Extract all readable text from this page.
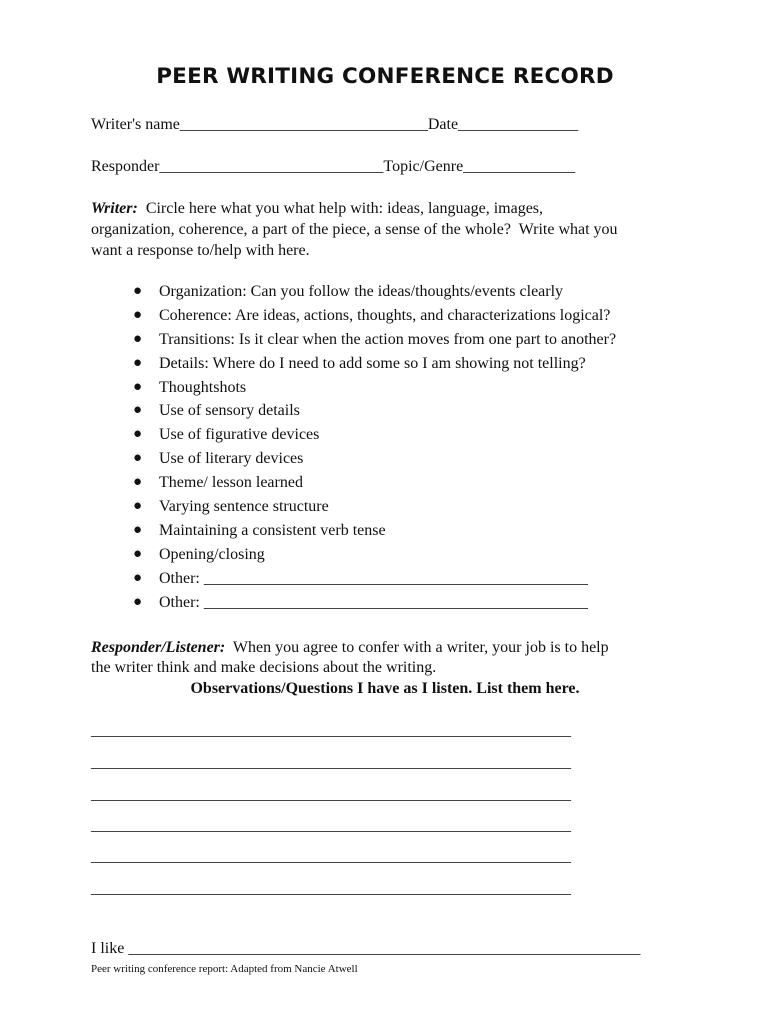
PEER WRITING CONFERENCE RECORD
Writer's name_______________________________Date_______________
Responder____________________________Topic/Genre______________
Writer:  Circle here what you what help with: ideas, language, images,
organization, coherence, a part of the piece, a sense of the whole?  Write what you
want a response to/help with here.
● Organization: Can you follow the ideas/thoughts/events clearly
● Coherence: Are ideas, actions, thoughts, and characterizations logical?
● Transitions: Is it clear when the action moves from one part to another?
● Details: Where do I need to add some so I am showing not telling?
● Thoughtshots
● Use of sensory details
● Use of figurative devices
● Use of literary devices
● Theme/ lesson learned
● Varying sentence structure
● Maintaining a consistent verb tense
● Opening/closing
● Other: ________________________________________________
● Other: ________________________________________________
Responder/Listener:  When you agree to confer with a writer, your job is to help
the writer think and make decisions about the writing.
Observations/Questions I have as I listen. List them here.
____________________________________________________________
____________________________________________________________
____________________________________________________________
____________________________________________________________
____________________________________________________________
____________________________________________________________
I like ________________________________________________________________
Peer writing conference report: Adapted from Nancie Atwell
